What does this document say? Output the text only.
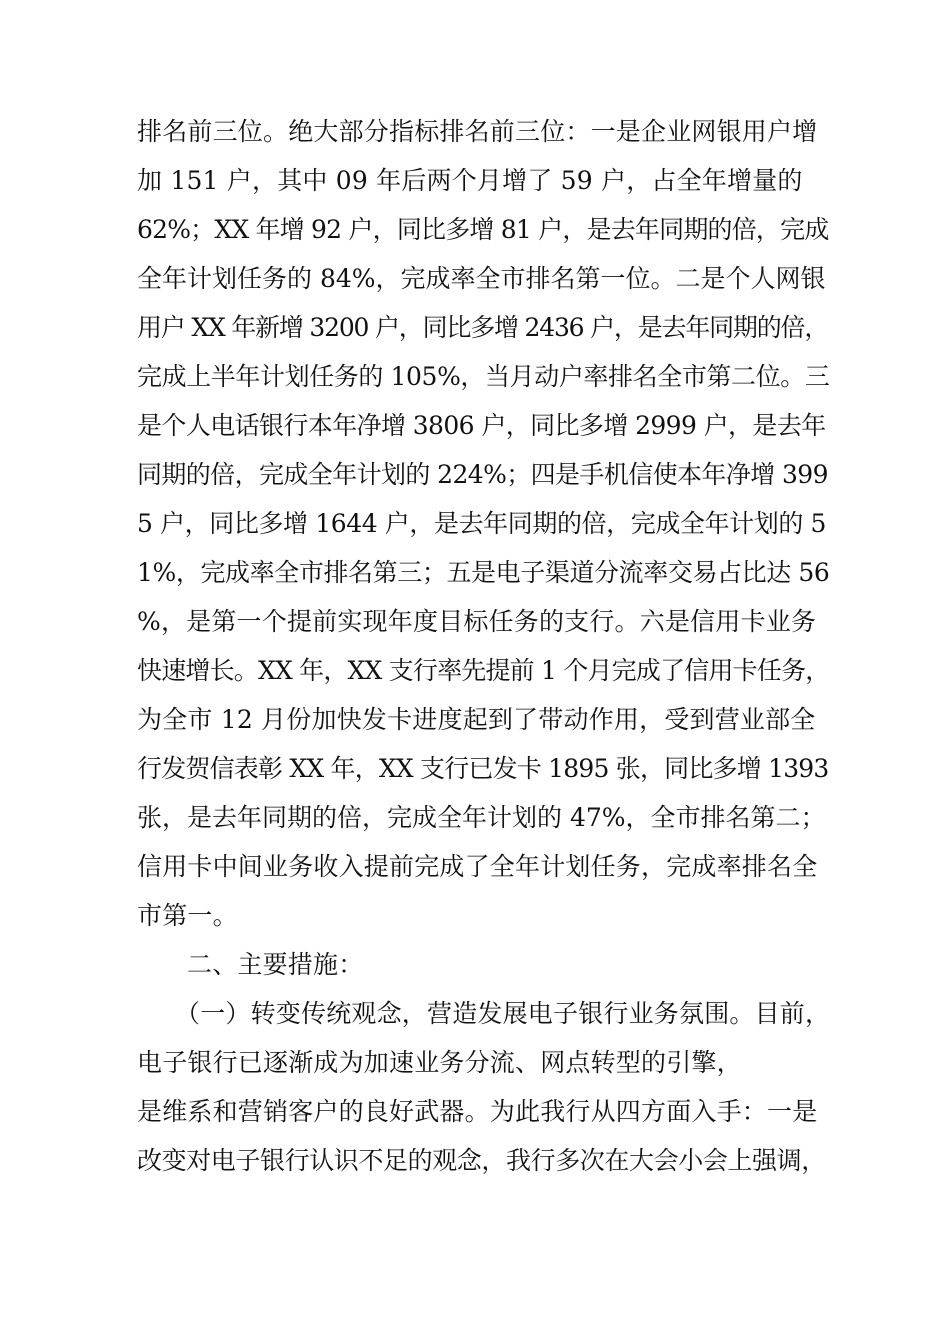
排名前三位。绝大部分指标排名前三位：一是企业网银用户增
加 151 户，其中 09 年后两个月增了 59 户，占全年增量的
62%；XX 年增 92 户，同比多增 81 户，是去年同期的倍，完成
全年计划任务的 84%，完成率全市排名第一位。二是个人网银
用户 XX 年新增 3200 户，同比多增 2436 户，是去年同期的倍，
完成上半年计划任务的 105%，当月动户率排名全市第二位。三
是个人电话银行本年净增 3806 户，同比多增 2999 户，是去年
同期的倍，完成全年计划的 224%；四是手机信使本年净增 399
5 户，同比多增 1644 户，是去年同期的倍，完成全年计划的 5
1%，完成率全市排名第三；五是电子渠道分流率交易占比达 56
%，是第一个提前实现年度目标任务的支行。六是信用卡业务
快速增长。XX 年，XX 支行率先提前 1 个月完成了信用卡任务，
为全市 12 月份加快发卡进度起到了带动作用，受到营业部全
行发贺信表彰 XX 年，XX 支行已发卡 1895 张，同比多增 1393
张，是去年同期的倍，完成全年计划的 47%，全市排名第二；
信用卡中间业务收入提前完成了全年计划任务，完成率排名全
市第一。
二、主要措施：
（一）转变传统观念，营造发展电子银行业务氛围。目前，
电子银行已逐渐成为加速业务分流、网点转型的引擎，
是维系和营销客户的良好武器。为此我行从四方面入手：一是
改变对电子银行认识不足的观念，我行多次在大会小会上强调，
